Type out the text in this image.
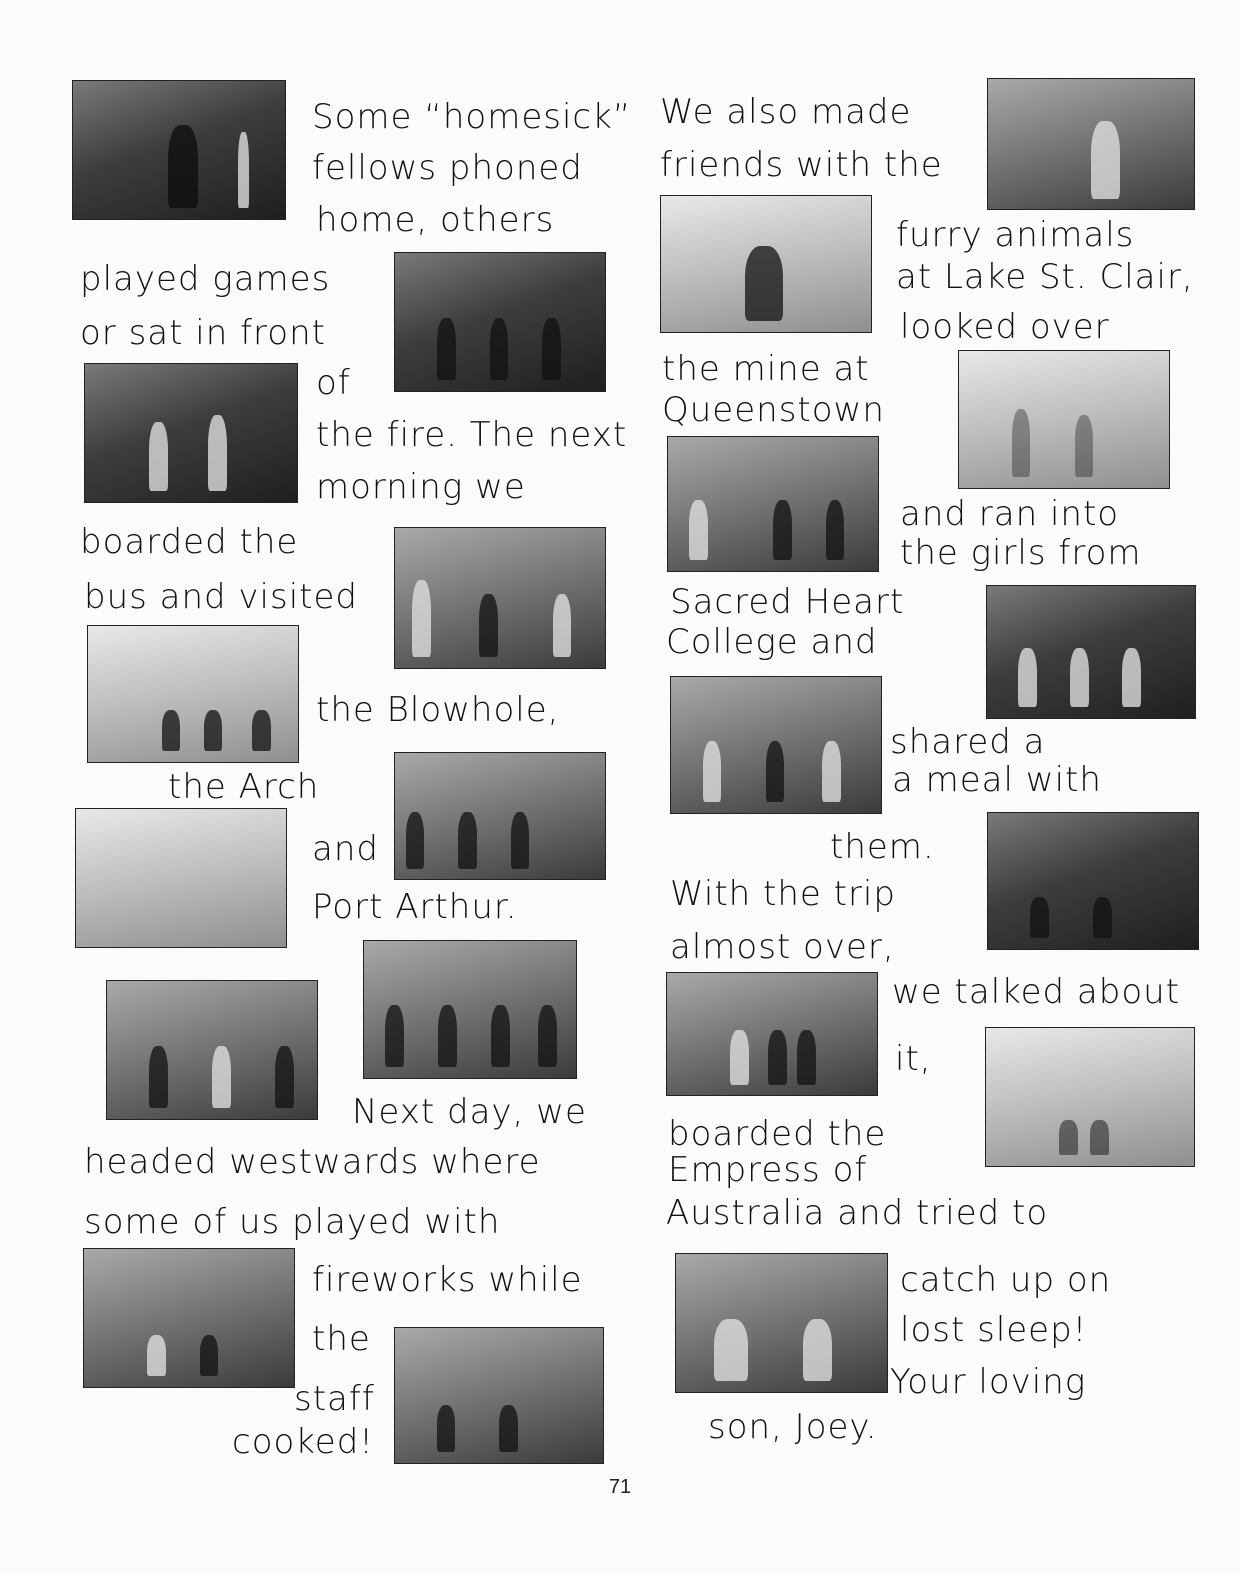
Some “homesick”
fellows phoned
home, others
played games
or sat in front
of
the fire. The next
morning we
boarded the
bus and visited
the Blowhole,
the Arch
and
Port Arthur.
Next day, we
headed westwards where
some of us played with
fireworks while
the
staff
cooked!
We also made
friends with the
furry animals
at Lake St. Clair,
looked over
the mine at
Queenstown
and ran into
the girls from
Sacred Heart
College and
shared a
a meal with
them.
With the trip
almost over,
we talked about
it,
boarded the
Empress of
Australia and tried to
catch up on
lost sleep!
Your loving
son, Joey.
71
